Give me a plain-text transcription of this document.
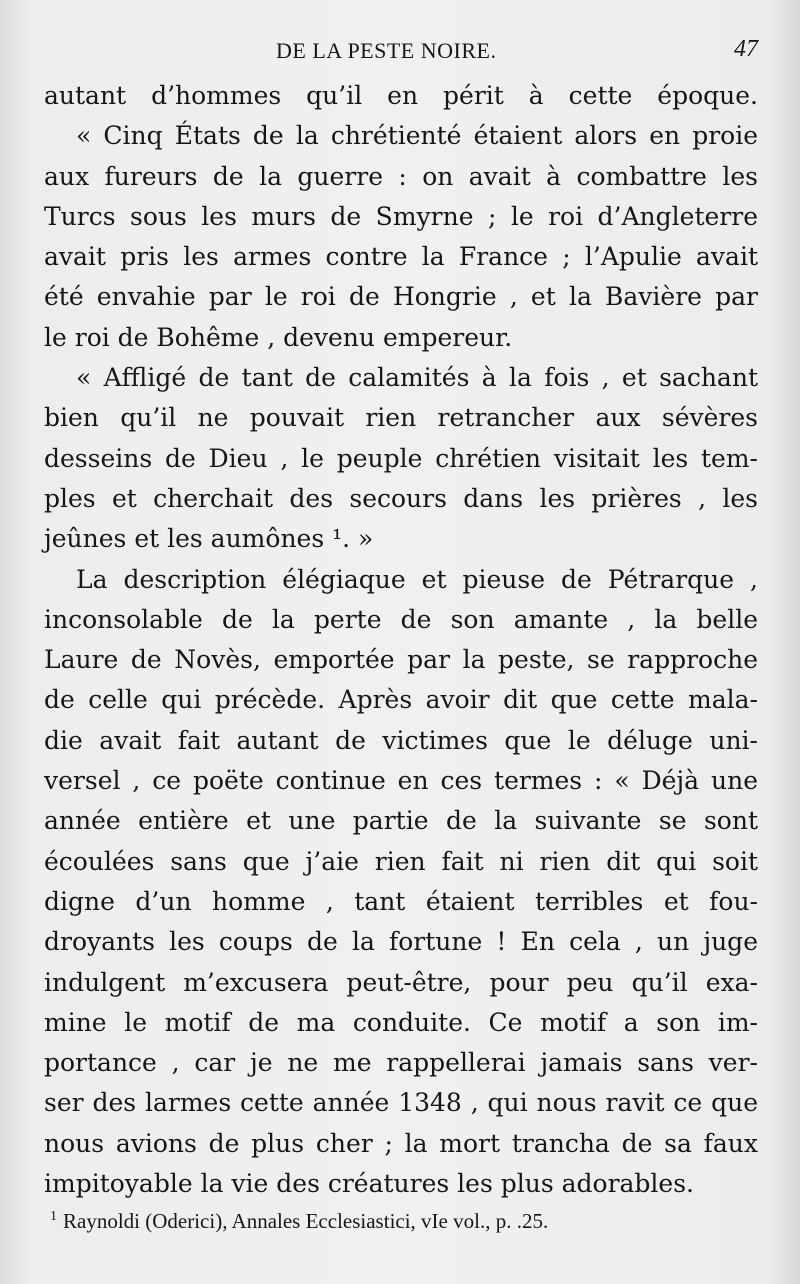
DE LA PESTE NOIRE.	47
autant d’hommes qu’il en périt à cette époque.
« Cinq États de la chrétienté étaient alors en proie
aux fureurs de la guerre : on avait à combattre les
Turcs sous les murs de Smyrne ; le roi d’Angleterre
avait pris les armes contre la France ; l’Apulie avait
été envahie par le roi de Hongrie , et la Bavière par
le roi de Bohême , devenu empereur.
« Affligé de tant de calamités à la fois , et sachant
bien qu’il ne pouvait rien retrancher aux sévères
desseins de Dieu , le peuple chrétien visitait les tem-
ples et cherchait des secours dans les prières , les
jeûnes et les aumônes ¹. »
La description élégiaque et pieuse de Pétrarque ,
inconsolable de la perte de son amante , la belle
Laure de Novès, emportée par la peste, se rapproche
de celle qui précède. Après avoir dit que cette mala-
die avait fait autant de victimes que le déluge uni-
versel , ce poëte continue en ces termes : « Déjà une
année entière et une partie de la suivante se sont
écoulées sans que j’aie rien fait ni rien dit qui soit
digne d’un homme , tant étaient terribles et fou-
droyants les coups de la fortune ! En cela , un juge
indulgent m’excusera peut-être, pour peu qu’il exa-
mine le motif de ma conduite. Ce motif a son im-
portance , car je ne me rappellerai jamais sans ver-
ser des larmes cette année 1348 , qui nous ravit ce que
nous avions de plus cher ; la mort trancha de sa faux
impitoyable la vie des créatures les plus adorables.
$^1$ Raynoldi (Oderici), Annales Ecclesiastici, vIe vol., p. .25.
